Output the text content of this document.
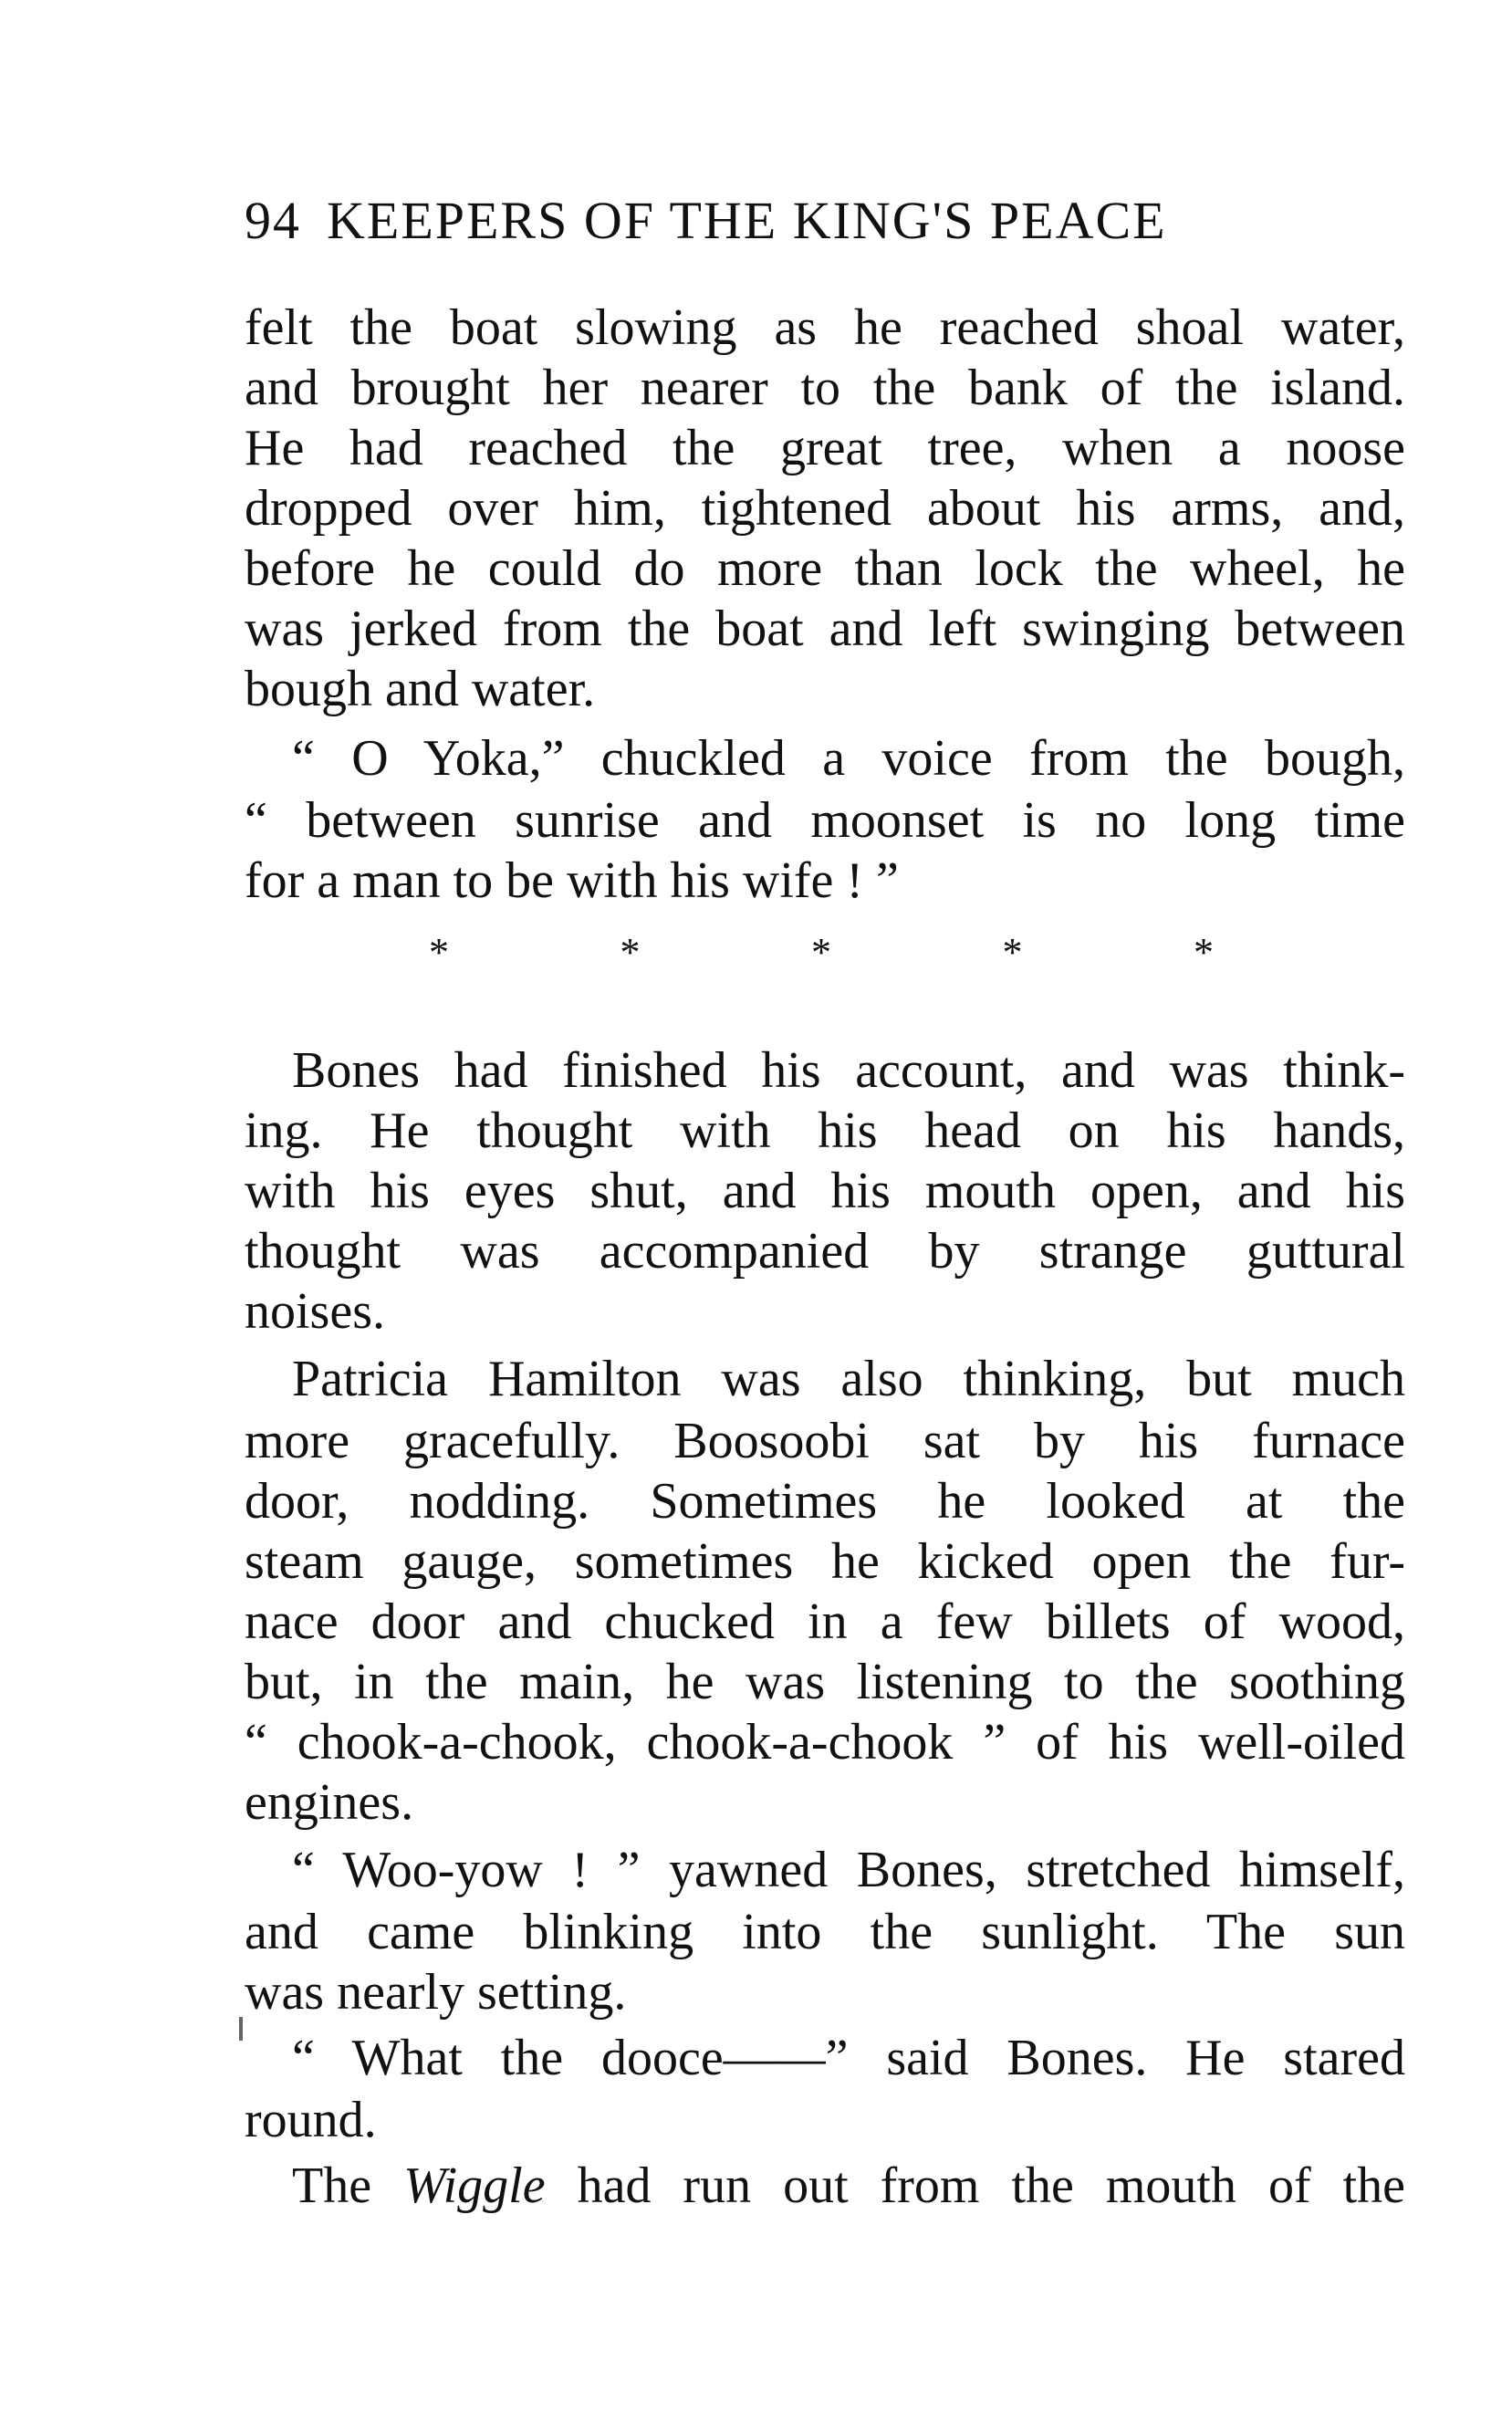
94 KEEPERS OF THE KING'S PEACE
felt the boat slowing as he reached shoal water,
and brought her nearer to the bank of the island.
He had reached the great tree, when a noose
dropped over him, tightened about his arms, and,
before he could do more than lock the wheel, he
was jerked from the boat and left swinging between
bough and water.
“ O Yoka,” chuckled a voice from the bough,
“ between sunrise and moonset is no long time
for a man to be with his wife ! ”
*	*	*	*	*
Bones had finished his account, and was think-
ing. He thought with his head on his hands,
with his eyes shut, and his mouth open, and his
thought was accompanied by strange guttural
noises.
Patricia Hamilton was also thinking, but much
more gracefully. Boosoobi sat by his furnace
door, nodding. Sometimes he looked at the
steam gauge, sometimes he kicked open the fur-
nace door and chucked in a few billets of wood,
but, in the main, he was listening to the soothing
“ chook-a-chook, chook-a-chook ” of his well-oiled
engines.
“ Woo-yow ! ” yawned Bones, stretched himself,
and came blinking into the sunlight. The sun
was nearly setting.
“ What the dooce——” said Bones. He stared
round.
The Wiggle had run out from the mouth of the
